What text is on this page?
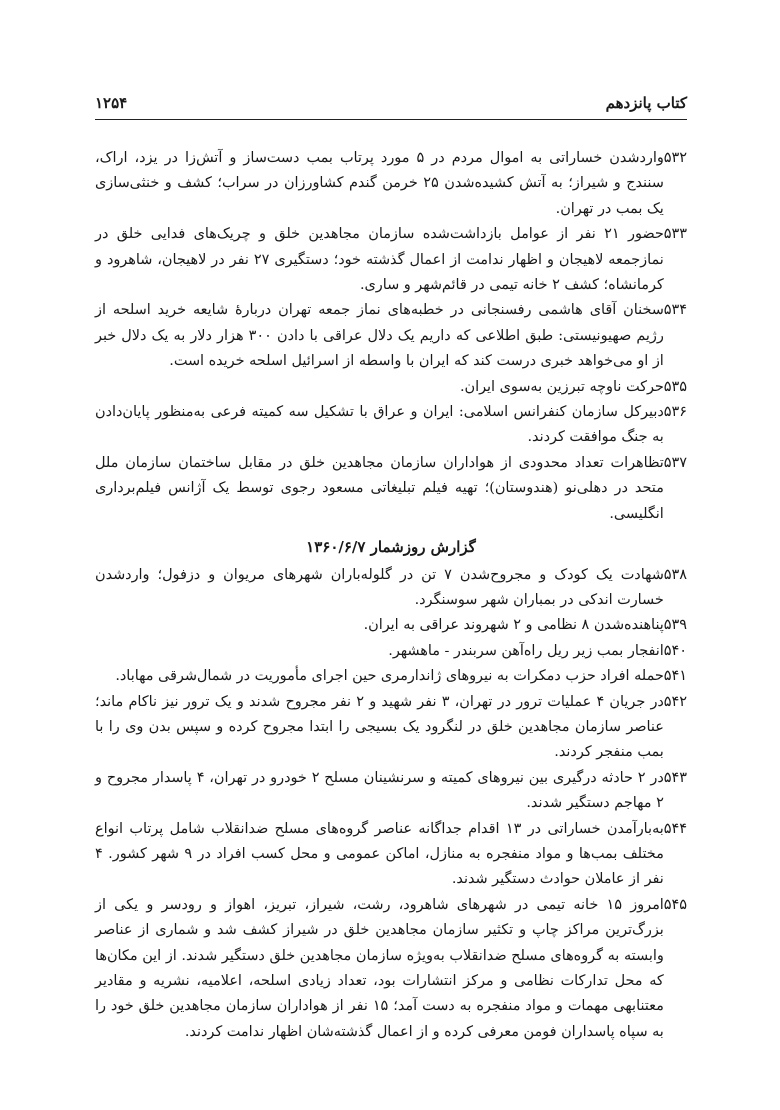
کتاب پانزدهم
۱۲۵۴
۵۳۲
واردشدن خساراتی به اموال مردم در ۵ مورد پرتاب بمب دست‌ساز و آتش‌زا در یزد، اراک، سنندج و شیراز؛ به آتش کشیده‌شدن ۲۵ خرمن گندم کشاورزان در سراب؛ کشف و خنثی‌سازی یک بمب در تهران.
۵۳۳
حضور ۲۱ نفر از عوامل بازداشت‌شده سازمان مجاهدین خلق و چریک‌های فدایی خلق در نمازجمعه لاهیجان و اظهار ندامت از اعمال گذشته خود؛ دستگیری ۲۷ نفر در لاهیجان، شاهرود و کرمانشاه؛ کشف ۲ خانه تیمی در قائم‌شهر و ساری.
۵۳۴
سخنان آقای هاشمی رفسنجانی در خطبه‌های نماز جمعه تهران دربارهٔ شایعه خرید اسلحه از رژیم صهیونیستی: طبق اطلاعی که داریم یک دلال عراقی با دادن ۳۰۰ هزار دلار به یک دلال خبر از او می‌خواهد خبری درست کند که ایران با واسطه از اسرائیل اسلحه خریده است.
۵۳۵
حرکت ناوچه تبرزین به‌سوی ایران.
۵۳۶
دبیرکل سازمان کنفرانس اسلامی: ایران و عراق با تشکیل سه کمیته فرعی به‌منظور پایان‌دادن به جنگ موافقت کردند.
۵۳۷
تظاهرات تعداد محدودی از هواداران سازمان مجاهدین خلق در مقابل ساختمان سازمان ملل متحد در دهلی‌نو (هندوستان)؛ تهیه فیلم تبلیغاتی مسعود رجوی توسط یک آژانس فیلم‌برداری انگلیسی.
گزارش روزشمار ۱۳۶۰/۶/۷
۵۳۸
شهادت یک کودک و مجروح‌شدن ۷ تن در گلوله‌باران شهرهای مریوان و دزفول؛ واردشدن خسارت اندکی در بمباران شهر سوسنگرد.
۵۳۹
پناهنده‌شدن ۸ نظامی و ۲ شهروند عراقی به ایران.
۵۴۰
انفجار بمب زیر ریل راه‌آهن سربندر - ماهشهر.
۵۴۱
حمله افراد حزب دمکرات به نیروهای ژاندارمری حین اجرای مأموریت در شمال‌شرقی مهاباد.
۵۴۲
در جریان ۴ عملیات ترور در تهران، ۳ نفر شهید و ۲ نفر مجروح شدند و یک ترور نیز ناکام ماند؛ عناصر سازمان مجاهدین خلق در لنگرود یک بسیجی را ابتدا مجروح کرده و سپس بدن وی را با بمب منفجر کردند.
۵۴۳
در ۲ حادثه درگیری بین نیروهای کمیته و سرنشینان مسلح ۲ خودرو در تهران، ۴ پاسدار مجروح و ۲ مهاجم دستگیر شدند.
۵۴۴
به‌بارآمدن خساراتی در ۱۳ اقدام جداگانه عناصر گروه‌های مسلح ضدانقلاب شامل پرتاب انواع مختلف بمب‌ها و مواد منفجره به منازل، اماکن عمومی و محل کسب افراد در ۹ شهر کشور. ۴ نفر از عاملان حوادث دستگیر شدند.
۵۴۵
امروز ۱۵ خانه تیمی در شهرهای شاهرود، رشت، شیراز، تبریز، اهواز و رودسر و یکی از بزرگ‌ترین مراکز چاپ و تکثیر سازمان مجاهدین خلق در شیراز کشف شد و شماری از عناصر وابسته به گروه‌های مسلح ضدانقلاب به‌ویژه سازمان مجاهدین خلق دستگیر شدند. از این مکان‌ها که محل تدارکات نظامی و مرکز انتشارات بود، تعداد زیادی اسلحه، اعلامیه، نشریه و مقادیر معتنابهی مهمات و مواد منفجره به دست آمد؛ ۱۵ نفر از هواداران سازمان مجاهدین خلق خود را به سپاه پاسداران فومن معرفی کرده و از اعمال گذشته‌شان اظهار ندامت کردند.
